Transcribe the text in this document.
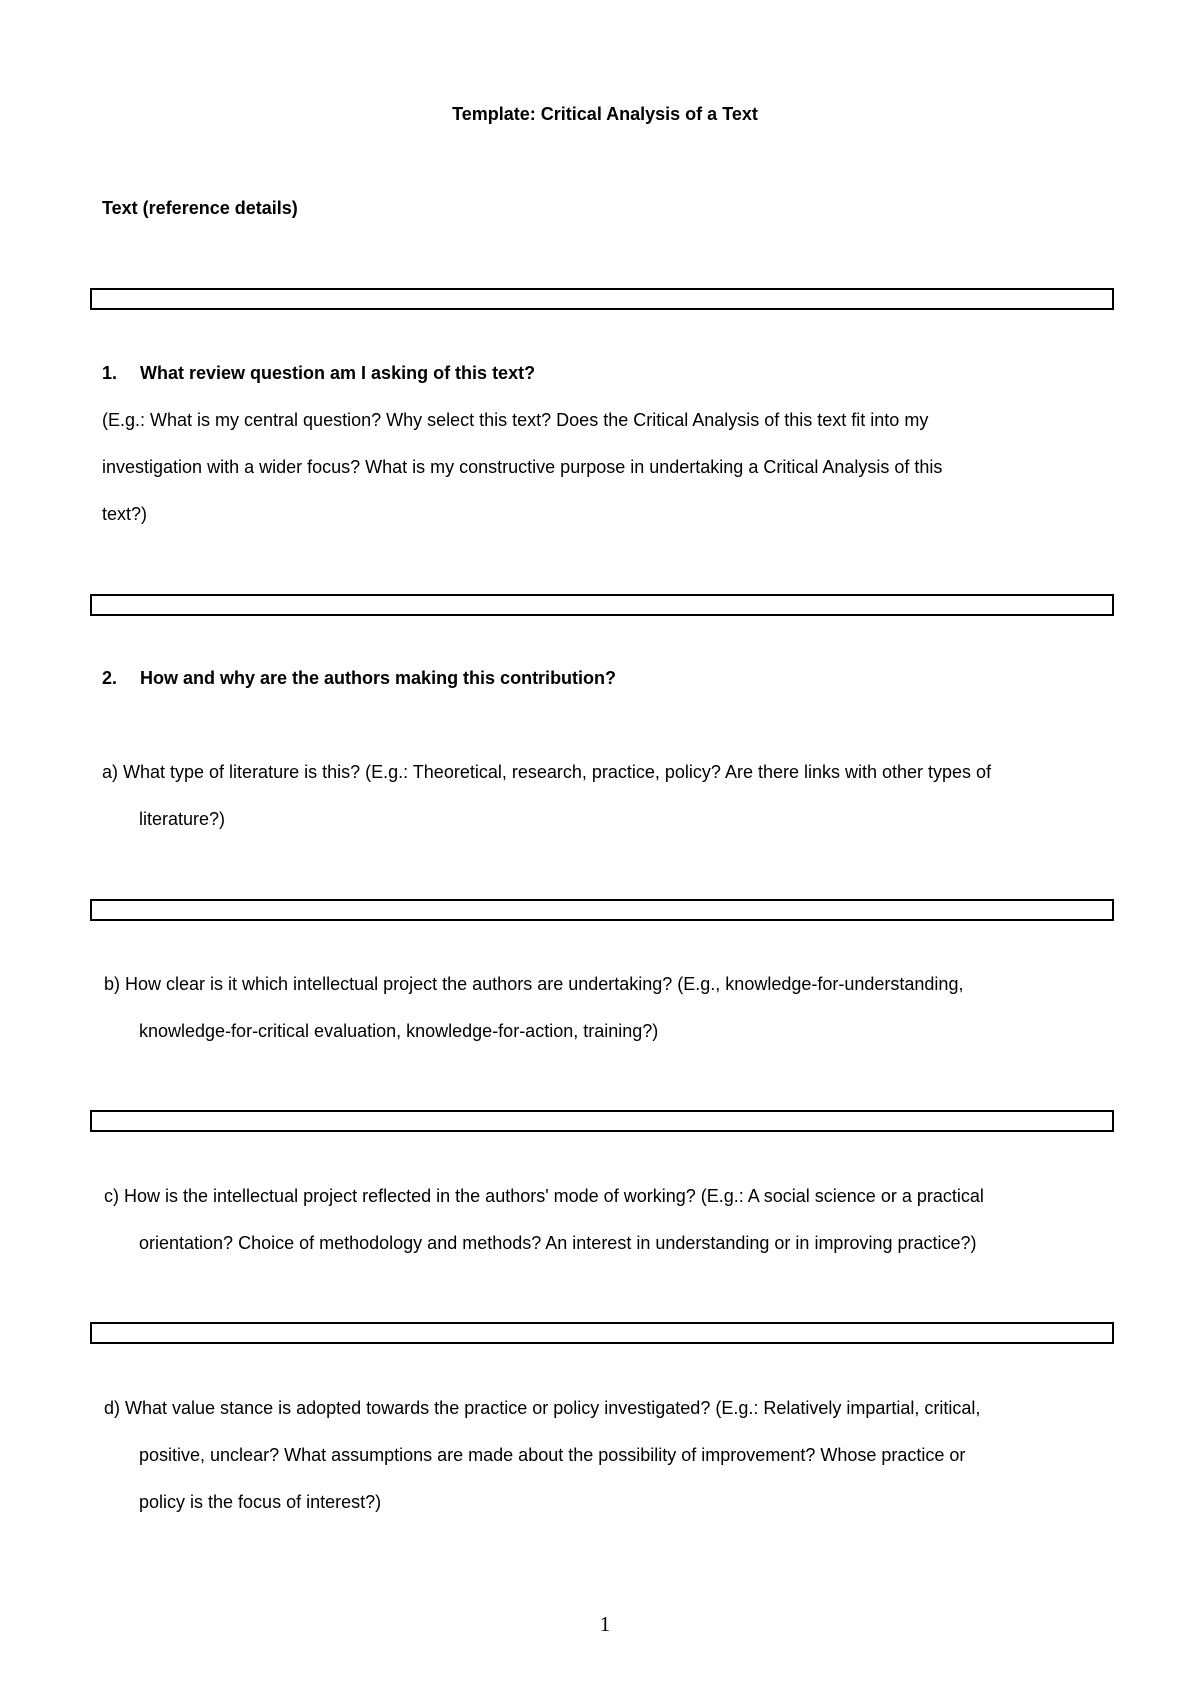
Template: Critical Analysis of a Text
Text (reference details)
1. What review question am I asking of this text?
(E.g.: What is my central question? Why select this text? Does the Critical Analysis of this text fit into my
investigation with a wider focus? What is my constructive purpose in undertaking a Critical Analysis of this
text?)
2. How and why are the authors making this contribution?
a) What type of literature is this? (E.g.: Theoretical, research, practice, policy? Are there links with other types of
literature?)
b) How clear is it which intellectual project the authors are undertaking? (E.g., knowledge-for-understanding,
knowledge-for-critical evaluation, knowledge-for-action, training?)
c) How is the intellectual project reflected in the authors' mode of working? (E.g.: A social science or a practical
orientation? Choice of methodology and methods? An interest in understanding or in improving practice?)
d) What value stance is adopted towards the practice or policy investigated? (E.g.: Relatively impartial, critical,
positive, unclear? What assumptions are made about the possibility of improvement? Whose practice or
policy is the focus of interest?)
1
